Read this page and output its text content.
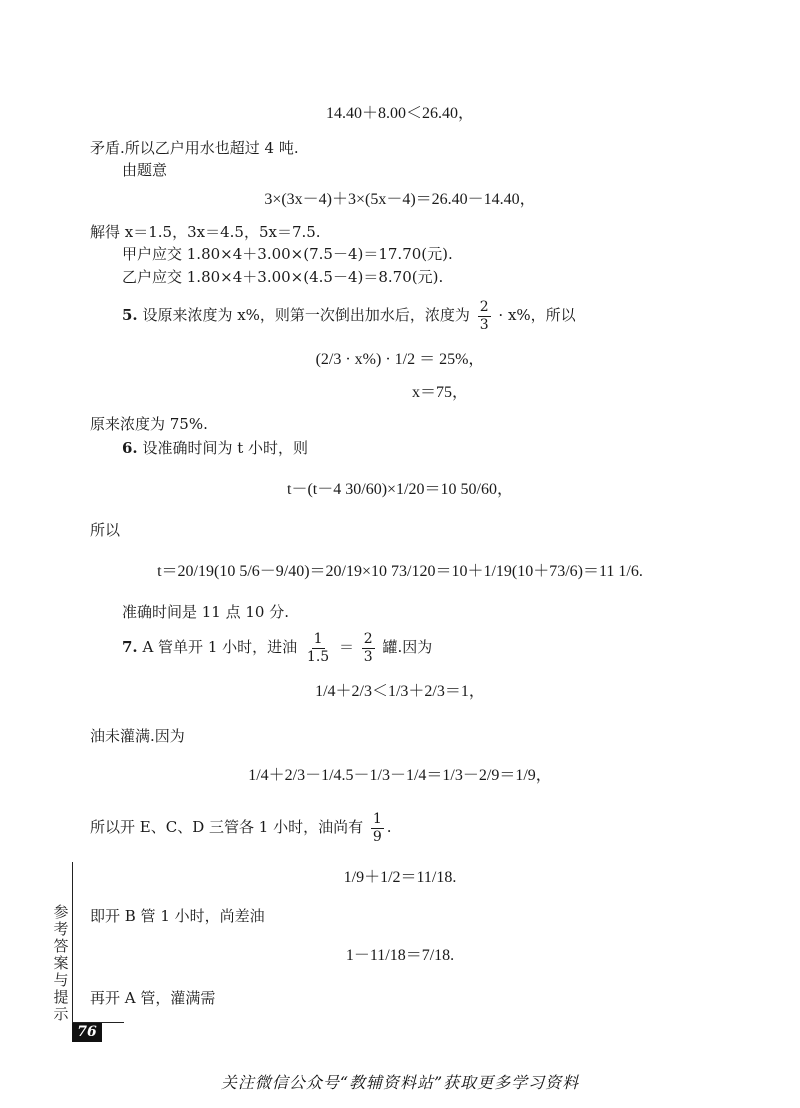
14.40＋8.00＜26.40，
矛盾.所以乙户用水也超过 4 吨.
由题意
3×(3x－4)＋3×(5x－4)＝26.40－14.40，
解得 x＝1.5，3x＝4.5，5x＝7.5.
甲户应交 1.80×4＋3.00×(7.5－4)＝17.70(元).
乙户应交 1.80×4＋3.00×(4.5－4)＝8.70(元).
5. 设原来浓度为 x%，则第一次倒出加水后，浓度为 $\frac{2}{3} \cdot x\%$，所以
(2/3 · x%) · 1/2 ＝ 25%，
x＝75，
原来浓度为 75%.
6. 设准确时间为 t 小时，则
t－(t－4 30/60)×1/20＝10 50/60，
所以
t＝20/19(10 5/6－9/40)＝20/19×10 73/120＝10＋1/19(10＋73/6)＝11 1/6.
准确时间是 11 点 10 分.
7. A 管单开 1 小时，进油 $\frac{1}{1.5} = \frac{2}{3}$ 罐.因为
1/4＋2/3＜1/3＋2/3＝1，
油未灌满.因为
1/4＋2/3－1/4.5－1/3－1/4＝1/3－2/9＝1/9，
所以开 E、C、D 三管各 1 小时，油尚有 $\frac{1}{9}$ .
1/9＋1/2＝11/18.
即开 B 管 1 小时，尚差油
1－11/18＝7/18.
再开 A 管，灌满需
参考答案与提示
76
关注微信公众号“教辅资料站”获取更多学习资料
